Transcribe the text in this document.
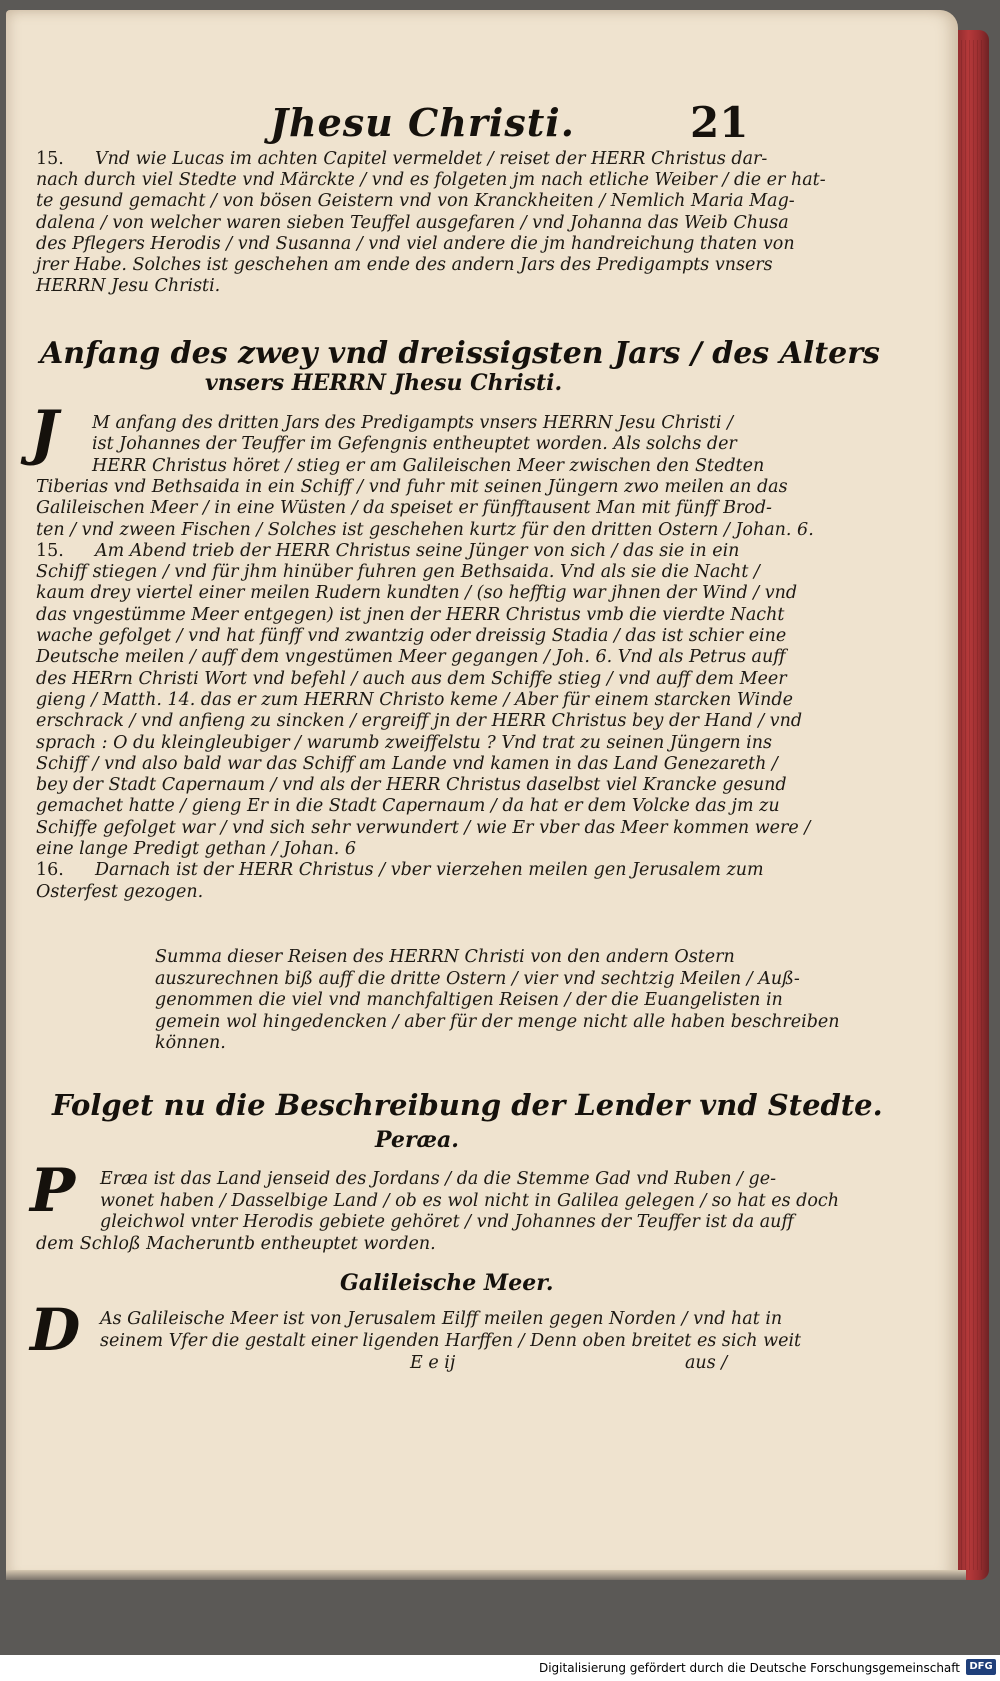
Jhesu Christi.	21
15. Vnd wie Lucas im achten Capitel vermeldet / reiset der HERR Christus dar-
nach durch viel Stedte vnd Märckte / vnd es folgeten jm nach etliche Weiber / die er hat-
te gesund gemacht / von bösen Geistern vnd von Kranckheiten / Nemlich Maria Mag-
dalena / von welcher waren sieben Teuffel ausgefaren / vnd Johanna das Weib Chusa
des Pflegers Herodis / vnd Susanna / vnd viel andere die jm handreichung thaten von
jrer Habe. Solches ist geschehen am ende des andern Jars des Predigampts vnsers
HERRN Jesu Christi.
Anfang des zwey vnd dreissigsten Jars / des Alters
vnsers HERRN Jhesu Christi.
J M anfang des dritten Jars des Predigampts vnsers HERRN Jesu Christi /
ist Johannes der Teuffer im Gefengnis entheuptet worden. Als solchs der
HERR Christus höret / stieg er am Galileischen Meer zwischen den Stedten
Tiberias vnd Bethsaida in ein Schiff / vnd fuhr mit seinen Jüngern zwo meilen an das
Galileischen Meer / in eine Wüsten / da speiset er fünfftausent Man mit fünff Brod-
ten / vnd zween Fischen / Solches ist geschehen kurtz für den dritten Ostern / Johan. 6.
15. Am Abend trieb der HERR Christus seine Jünger von sich / das sie in ein
Schiff stiegen / vnd für jhm hinüber fuhren gen Bethsaida. Vnd als sie die Nacht /
kaum drey viertel einer meilen Rudern kundten / (so hefftig war jhnen der Wind / vnd
das vngestümme Meer entgegen) ist jnen der HERR Christus vmb die vierdte Nacht
wache gefolget / vnd hat fünff vnd zwantzig oder dreissig Stadia / das ist schier eine
Deutsche meilen / auff dem vngestümen Meer gegangen / Joh. 6. Vnd als Petrus auff
des HERrn Christi Wort vnd befehl / auch aus dem Schiffe stieg / vnd auff dem Meer
gieng / Matth. 14. das er zum HERRN Christo keme / Aber für einem starcken Winde
erschrack / vnd anfieng zu sincken / ergreiff jn der HERR Christus bey der Hand / vnd
sprach : O du kleingleubiger / warumb zweiffelstu ? Vnd trat zu seinen Jüngern ins
Schiff / vnd also bald war das Schiff am Lande vnd kamen in das Land Genezareth /
bey der Stadt Capernaum / vnd als der HERR Christus daselbst viel Krancke gesund
gemachet hatte / gieng Er in die Stadt Capernaum / da hat er dem Volcke das jm zu
Schiffe gefolget war / vnd sich sehr verwundert / wie Er vber das Meer kommen were /
eine lange Predigt gethan / Johan. 6
16. Darnach ist der HERR Christus / vber vierzehen meilen gen Jerusalem zum
Osterfest gezogen.
Summa dieser Reisen des HERRN Christi von den andern Ostern
auszurechnen biß auff die dritte Ostern / vier vnd sechtzig Meilen / Auß-
genommen die viel vnd manchfaltigen Reisen / der die Euangelisten in
gemein wol hingedencken / aber für der menge nicht alle haben beschreiben
können.
Folget nu die Beschreibung der Lender vnd Stedte.
Peræa.
P Eræa ist das Land jenseid des Jordans / da die Stemme Gad vnd Ruben / ge-
wonet haben / Dasselbige Land / ob es wol nicht in Galilea gelegen / so hat es doch
gleichwol vnter Herodis gebiete gehöret / vnd Johannes der Teuffer ist da auff
dem Schloß Macheruntb entheuptet worden.
Galileische Meer.
D As Galileische Meer ist von Jerusalem Eilff meilen gegen Norden / vnd hat in
seinem Vfer die gestalt einer ligenden Harffen / Denn oben breitet es sich weit
E e ij	aus /
Digitalisierung gefördert durch die Deutsche Forschungsgemeinschaft DFG
